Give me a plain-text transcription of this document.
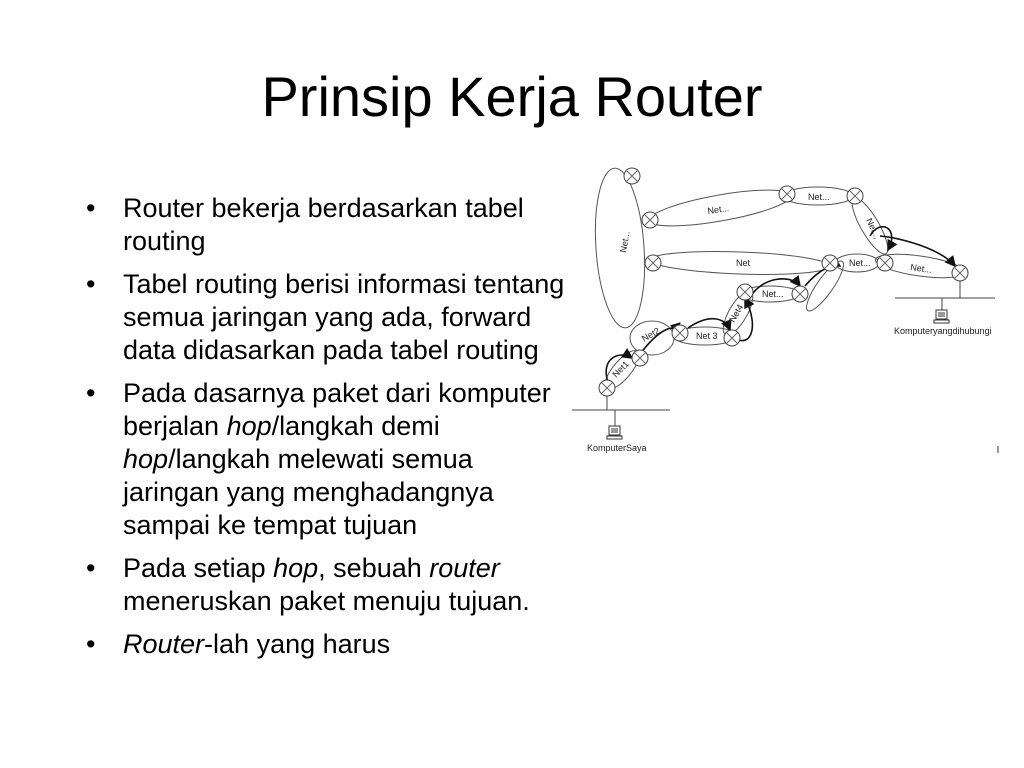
Prinsip Kerja Router
• Router bekerja berdasarkan tabel routing
• Tabel routing berisi informasi tentang semua jaringan yang ada, forward data didasarkan pada tabel routing
• Pada dasarnya paket dari komputer berjalan hop/langkah demi hop/langkah melewati semua jaringan yang menghadangnya sampai ke tempat tujuan
• Pada setiap hop, sebuah router meneruskan paket menuju tujuan.
• Router-lah yang harus
Net...
Net...
Net...
Net..,
Net	Net...	Net...
Net...
Net4
Net2	Net 3
Net1
KomputerSaya
Komputeryangdihubungi
